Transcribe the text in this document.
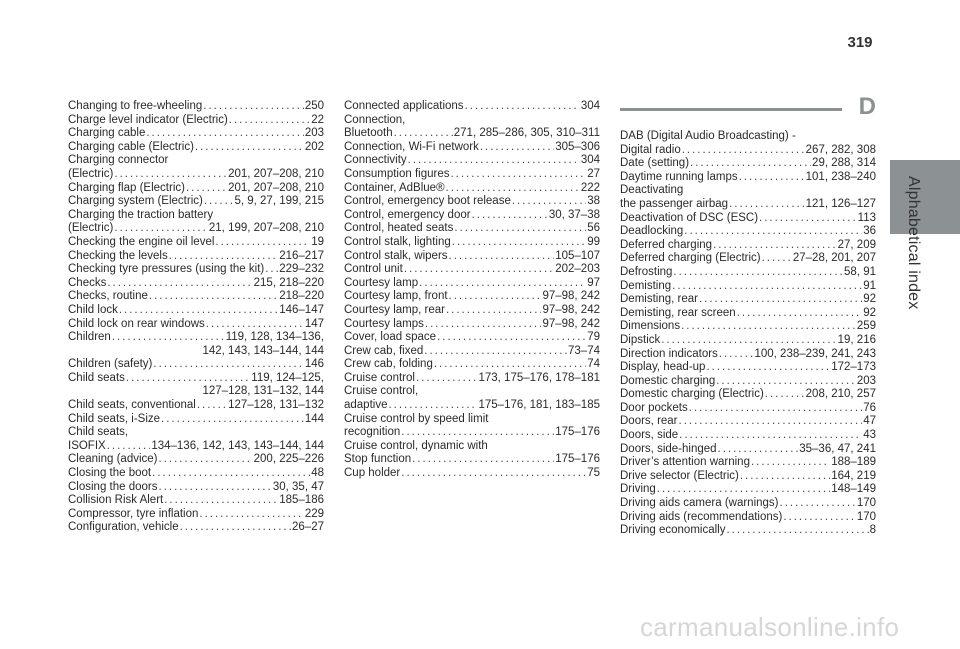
319
Alphabetical index
Changing to free-wheeling . . .	250
Charge level indicator (Electric) . . .	22
Charging cable . . .	203
Charging cable (Electric) . . .	202
Charging connector
(Electric) . . .	201, 207–208, 210
Charging flap (Electric) . . .	201, 207–208, 210
Charging system (Electric) . . .	5, 9, 27, 199, 215
Charging the traction battery
(Electric) . . .	21, 199, 207–208, 210
Checking the engine oil level . . .	19
Checking the levels . . .	216–217
Checking tyre pressures (using the kit) . . . 229–232
Checks . . .	215, 218–220
Checks, routine . . .	218–220
Child lock . . .	146–147
Child lock on rear windows . . .	147
Children . . .	119, 128, 134–136,
142, 143, 143–144, 144
Children (safety) . . .	146
Child seats . . .	119, 124–125,
127–128, 131–132, 144
Child seats, conventional . . .	127–128, 131–132
Child seats, i-Size . . .	144
Child seats,
ISOFIX . . .	134–136, 142, 143, 143–144, 144
Cleaning (advice) . . .	200, 225–226
Closing the boot . . .	48
Closing the doors . . .	30, 35, 47
Collision Risk Alert . . .	185–186
Compressor, tyre inflation . . .	229
Configuration, vehicle . . .	26–27
Connected applications . . .	304
Connection,
Bluetooth . . .	271, 285–286, 305, 310–311
Connection, Wi-Fi network . . .	305–306
Connectivity . . .	304
Consumption figures . . .	27
Container, AdBlue® . . .	222
Control, emergency boot release . . .	38
Control, emergency door . . .	30, 37–38
Control, heated seats . . .	56
Control stalk, lighting . . .	99
Control stalk, wipers . . .	105–107
Control unit . . .	202–203
Courtesy lamp . . .	97
Courtesy lamp, front . . .	97–98, 242
Courtesy lamp, rear . . .	97–98, 242
Courtesy lamps . . .	97–98, 242
Cover, load space . . .	79
Crew cab, fixed . . .	73–74
Crew cab, folding . . .	74
Cruise control . . .	173, 175–176, 178–181
Cruise control,
adaptive . . .	175–176, 181, 183–185
Cruise control by speed limit
recognition . . .	175–176
Cruise control, dynamic with
Stop function . . .	175–176
Cup holder . . .	75
D
DAB (Digital Audio Broadcasting) -
Digital radio . . .	267, 282, 308
Date (setting) . . .	29, 288, 314
Daytime running lamps . . .	101, 238–240
Deactivating
the passenger airbag . . .	121, 126–127
Deactivation of DSC (ESC) . . .	113
Deadlocking . . .	36
Deferred charging . . .	27, 209
Deferred charging (Electric) . . .	27–28, 201, 207
Defrosting . . .	58, 91
Demisting . . .	91
Demisting, rear . . .	92
Demisting, rear screen . . .	92
Dimensions . . .	259
Dipstick . . .	19, 216
Direction indicators . . .	100, 238–239, 241, 243
Display, head-up . . .	172–173
Domestic charging . . .	203
Domestic charging (Electric) . . .	208, 210, 257
Door pockets . . .	76
Doors, rear . . .	47
Doors, side . . .	43
Doors, side-hinged . . .	35–36, 47, 241
Driver’s attention warning . . .	188–189
Drive selector (Electric) . . .	164, 219
Driving . . .	148–149
Driving aids camera (warnings) . . .	170
Driving aids (recommendations) . . .	170
Driving economically . . .	8
carmanualsonline.info
